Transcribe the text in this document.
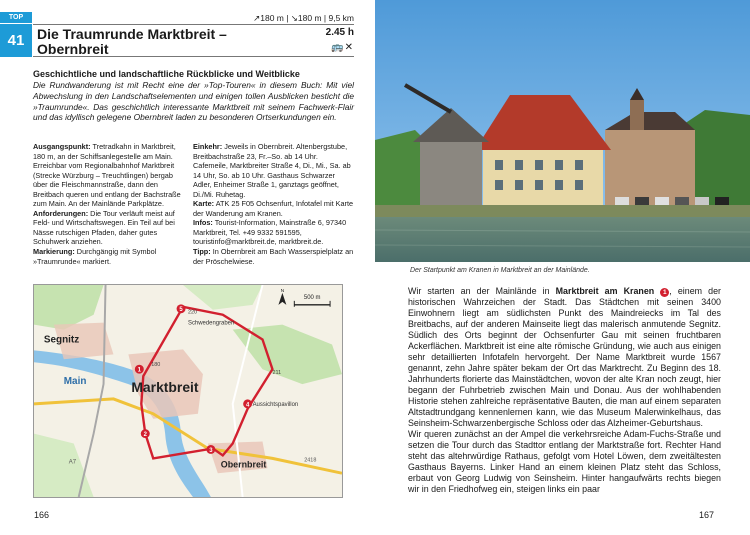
TOP
41
↗180 m | ↘180 m | 9,5 km
Die Traumrunde Marktbreit – Obernbreit
2.45 h
🚌✕
Geschichtliche und landschaftliche Rückblicke und Weitblicke
Die Rundwanderung ist mit Recht eine der »Top-Touren« in diesem Buch: Mit viel Abwechslung in den Landschaftselementen und einigen tollen Ausblicken besticht die »Traumrunde«. Das geschichtlich interessante Marktbreit mit seinem Fachwerk-Flair und das idyllisch gelegene Obernbreit laden zu besonderen Ortserkundungen ein.

Ausgangspunkt: Tretradkahn in Marktbreit, 180 m, an der Schiffsanlegestelle am Main. Erreichbar vom Regionalbahnhof Marktbreit (Strecke Würzburg – Treuchtlingen) bergab über die Fleischmannstraße, dann den Breitbach queren und entlang der Bachstraße zum Main. An der Mainlände Parkplätze.

Anforderungen: Die Tour verläuft meist auf Feld- und Wirtschaftswegen. Ein Teil auf bei Nässe rutschigen Pfaden, daher gutes Schuhwerk anziehen.

Markierung: Durchgängig mit Symbol »Traumrunde« markiert.

Einkehr: Jeweils in Obernbreit. Altenbergstube, Breitbachstraße 23, Fr.–So. ab 14 Uhr. Cafemeile, Marktbreiter Straße 4, Di., Mi., Sa. ab 14 Uhr, So. ab 10 Uhr. Gasthaus Schwarzer Adler, Enheimer Straße 1, ganztags geöffnet, Di./Mi. Ruhetag.

Karte: ATK 25 F05 Ochsenfurt, Infotafel mit Karte der Wanderung am Kranen.

Infos: Tourist-Information, Mainstraße 6, 97340 Marktbreit, Tel. +49 9332 591595, touristinfo@marktbreit.de, marktbreit.de.

Tipp: In Obernbreit am Bach Wasserspielplatz an der Pröschelwiese.

1
2
3
4
5
Segnitz
Marktbreit
Obernbreit
Main
Schwedengraben
Aussichtspavillon
220
180
211
A7	2418
500 m
N
166
Der Startpunkt am Kranen in Marktbreit an der Mainlände.

Wir starten an der Mainlände in Marktbreit am Kranen 1 , einem der historischen Wahrzeichen der Stadt. Das Städtchen mit seinen 3400 Einwohnern liegt am südlichsten Punkt des Maindreiecks im Tal des Breitbachs, auf der anderen Mainseite liegt das malerisch anmutende Segnitz. Südlich des Orts beginnt der Ochsenfurter Gau mit seinen fruchtbaren Ackerflächen. Marktbreit ist eine alte römische Gründung, wie auch aus einigen sehr detaillierten Infotafeln hervorgeht. Der Name Marktbreit wurde 1567 genannt, zehn Jahre später bekam der Ort das Marktrecht. Zu Beginn des 18. Jahrhunderts florierte das Mainstädtchen, wovon der alte Kran noch zeugt, hier begann der Fuhrbetrieb zwischen Main und Donau. Aus der wohlhabenden Historie stehen zahlreiche repräsentative Bauten, die man auf einem separaten Altstadtrundgang kennenlernen kann, wie das Museum Malerwinkelhaus, das Seinsheim-Schwarzenbergische Schloss oder das Alzheimer-Geburtshaus.

Wir queren zunächst an der Ampel die verkehrsreiche Adam-Fuchs-Straße und setzen die Tour durch das Stadttor entlang der Marktstraße fort. Rechter Hand steht das altehrwürdige Rathaus, gefolgt vom Hotel Löwen, dem zweitältesten Gasthaus Bayerns. Linker Hand an einem kleinen Platz steht das Schloss, erbaut von Georg Ludwig von Seinsheim. Hinter hangaufwärts rechts biegen wir in den Friedhofweg ein, steigen links ein paar

167
